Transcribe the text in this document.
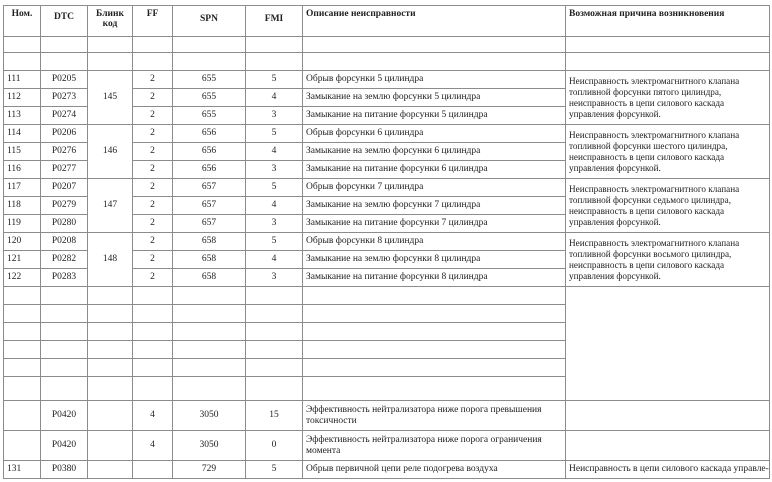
Ном.	DTC	Блинк код	FF	SPN	FMI	Описание неисправности	Возможная причина возникновения

111	P0205	145	2	655	5	Обрыв форсунки 5 цилиндра	Неисправность электромагнитного клапана топливной форсунки пятого цилиндра, неисправность в цепи силового каскада управления форсункой.
112	P0273		2	655	4	Замыкание на землю форсунки 5 цилиндра	
113	P0274		2	655	3	Замыкание на питание форсунки 5 цилиндра	
114	P0206	146	2	656	5	Обрыв форсунки 6 цилиндра	Неисправность электромагнитного клапана топливной форсунки шестого цилиндра, неисправность в цепи силового каскада управления форсункой.
115	P0276		2	656	4	Замыкание на землю форсунки 6 цилиндра	
116	P0277		2	656	3	Замыкание на питание форсунки 6 цилиндра	
117	P0207	147	2	657	5	Обрыв форсунки 7 цилиндра	Неисправность электромагнитного клапана топливной форсунки седьмого цилиндра, неисправность в цепи силового каскада управления форсункой.
118	P0279		2	657	4	Замыкание на землю форсунки 7 цилиндра	
119	P0280		2	657	3	Замыкание на питание форсунки 7 цилиндра	
120	P0208	148	2	658	5	Обрыв форсунки 8 цилиндра	Неисправность электромагнитного клапана топливной форсунки восьмого цилиндра, неисправность в цепи силового каскада управления форсункой.
121	P0282		2	658	4	Замыкание на землю форсунки 8 цилиндра	
122	P0283		2	658	3	Замыкание на питание форсунки 8 цилиндра	

	P0420		4	3050	15	Эффективность нейтрализатора ниже порога превышения токсичности	
	P0420		4	3050	0	Эффективность нейтрализатора ниже порога ограничения момента	
131	P0380			729	5	Обрыв первичной цепи реле подогрева воздуха	Неисправность в цепи силового каскада управле-
